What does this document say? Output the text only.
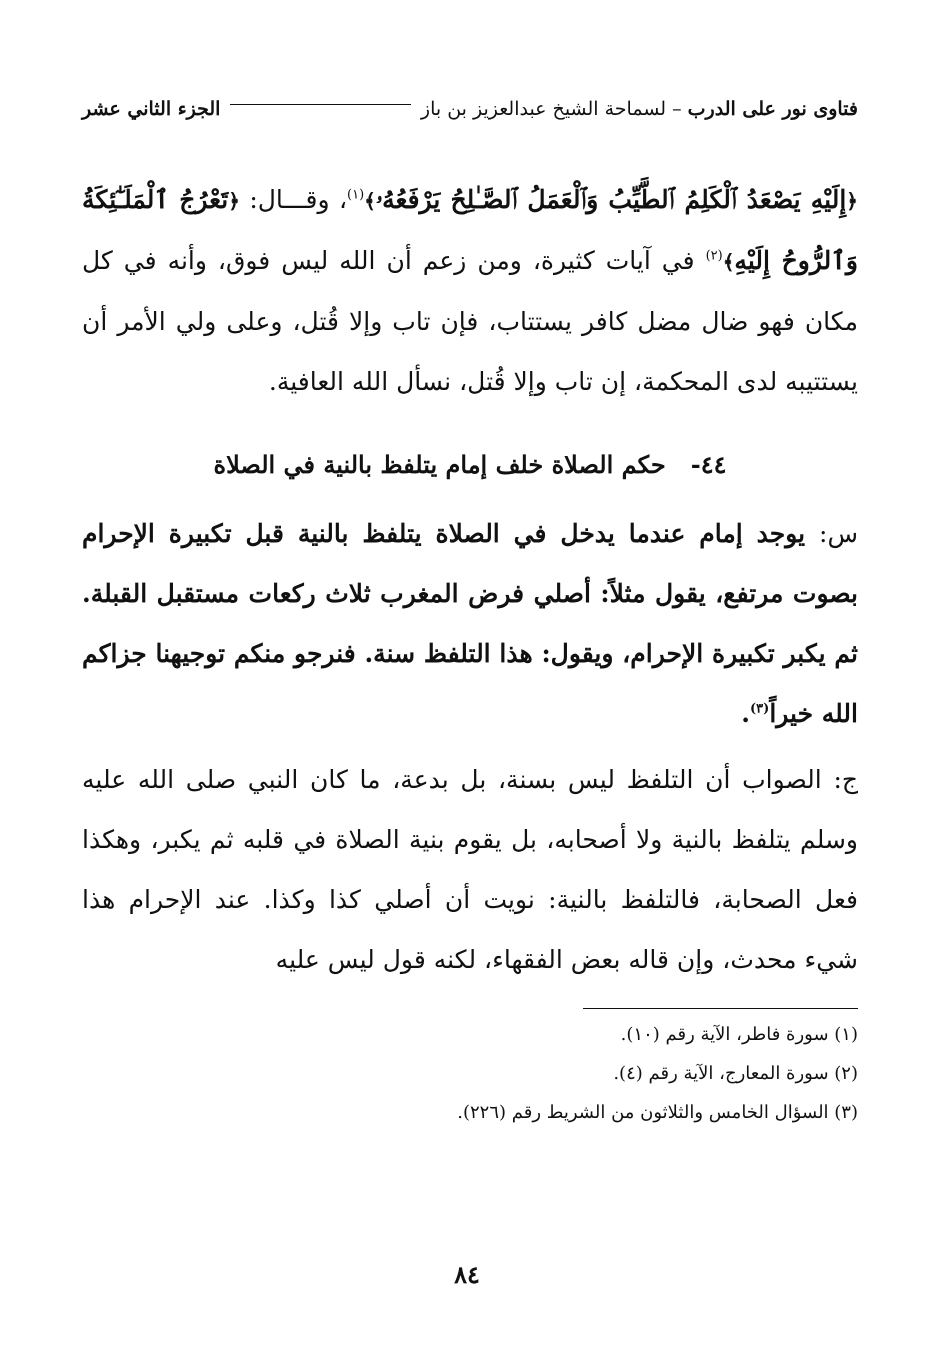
فتاوى نور على الدرب – لسماحة الشيخ عبدالعزيز بن باز
الجزء الثاني عشر
﴿إِلَيْهِ يَصْعَدُ ٱلْكَلِمُ ٱلطَّيِّبُ وَٱلْعَمَلُ ٱلصَّـٰلِحُ يَرْفَعُهُۥ﴾$^{(١)}$، وقـــال: ﴿تَعْرُجُ ٱلْمَلَـٰٓئِكَةُ وَٱلرُّوحُ إِلَيْهِ﴾$^{(٢)}$ في آيات كثيرة، ومن زعم أن الله ليس فوق، وأنه في كل مكان فهو ضال مضل كافر يستتاب، فإن تاب وإلا قُتل، وعلى ولي الأمر أن يستتيبه لدى المحكمة، إن تاب وإلا قُتل، نسأل الله العافية.
٤٤-   حكم الصلاة خلف إمام يتلفظ بالنية في الصلاة
س: يوجد إمام عندما يدخل في الصلاة يتلفظ بالنية قبل تكبيرة الإحرام بصوت مرتفع، يقول مثلاً: أصلي فرض المغرب ثلاث ركعات مستقبل القبلة. ثم يكبر تكبيرة الإحرام، ويقول: هذا التلفظ سنة. فنرجو منكم توجيهنا جزاكم الله خيراً$^{(٣)}$.
ج: الصواب أن التلفظ ليس بسنة، بل بدعة، ما كان النبي صلى الله عليه وسلم يتلفظ بالنية ولا أصحابه، بل يقوم بنية الصلاة في قلبه ثم يكبر، وهكذا فعل الصحابة، فالتلفظ بالنية: نويت أن أصلي كذا وكذا. عند الإحرام هذا شيء محدث، وإن قاله بعض الفقهاء، لكنه قول ليس عليه
(١) سورة فاطر، الآية رقم (١٠).
(٢) سورة المعارج، الآية رقم (٤).
(٣) السؤال الخامس والثلاثون من الشريط رقم (٢٢٦).
٨٤
